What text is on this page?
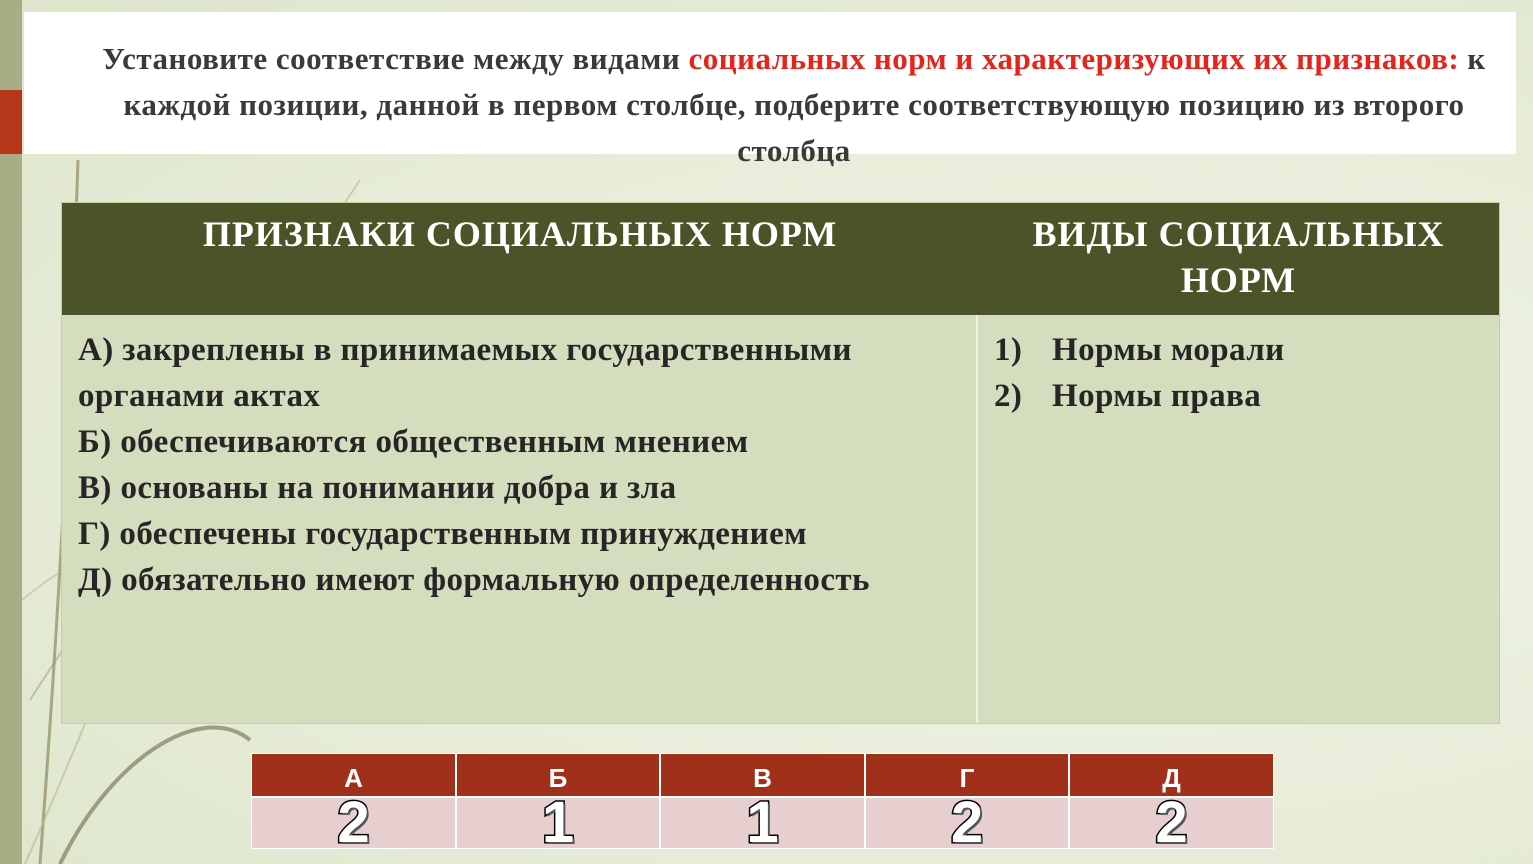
Установите соответствие между видами социальных норм и характеризующих их признаков: к каждой позиции, данной в первом столбце, подберите соответствующую позицию из второго столбца

ПРИЗНАКИ СОЦИАЛЬНЫХ НОРМ	ВИДЫ СОЦИАЛЬНЫХ НОРМ
А) закреплены в принимаемых государственными органами актах
Б) обеспечиваются общественным мнением
В) основаны на понимании добра и зла
Г) обеспечены государственным принуждением
Д) обязательно имеют формальную определенность
1) Нормы морали
2) Нормы права
А	Б	В	Г	Д
2	1	1	2	2
